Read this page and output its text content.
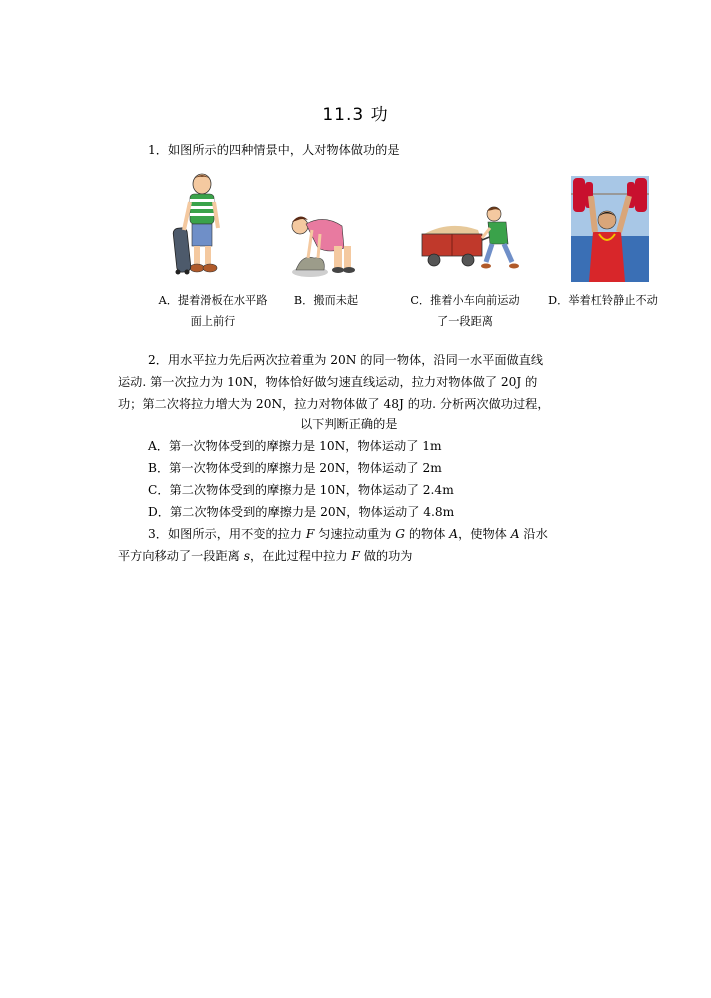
11.3 功
1．如图所示的四种情景中，人对物体做功的是
A．提着滑板在水平路
面上前行
B．搬而未起	C．推着小车向前运动
了一段距离
D．举着杠铃静止不动
2．用水平拉力先后两次拉着重为 20N 的同一物体，沿同一水平面做直线
运动. 第一次拉力为 10N，物体恰好做匀速直线运动，拉力对物体做了 20J 的
功；第二次将拉力增大为 20N，拉力对物体做了 48J 的功. 分析两次做功过程，
以下判断正确的是
A．第一次物体受到的摩擦力是 10N，物体运动了 1m
B．第一次物体受到的摩擦力是 20N，物体运动了 2m
C．第二次物体受到的摩擦力是 10N，物体运动了 2.4m
D．第二次物体受到的摩擦力是 20N，物体运动了 4.8m
3．如图所示，用不变的拉力 F 匀速拉动重为 G 的物体 A，使物体 A 沿水
平方向移动了一段距离 s，在此过程中拉力 F 做的功为
